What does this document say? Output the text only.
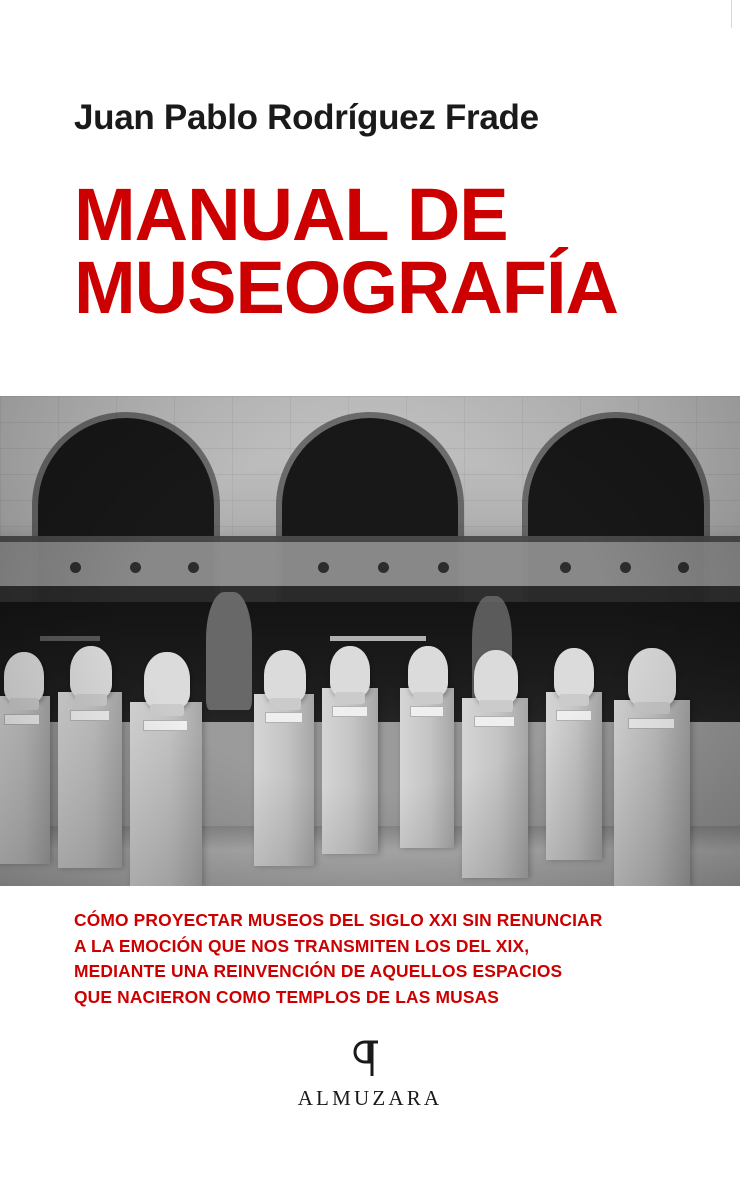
Juan Pablo Rodríguez Frade
MANUAL DE
MUSEOGRAFÍA
CÓMO PROYECTAR MUSEOS DEL SIGLO XXI SIN RENUNCIAR
A LA EMOCIÓN QUE NOS TRANSMITEN LOS DEL XIX,
MEDIANTE UNA REINVENCIÓN DE AQUELLOS ESPACIOS
QUE NACIERON COMO TEMPLOS DE LAS MUSAS
ALMUZARA
